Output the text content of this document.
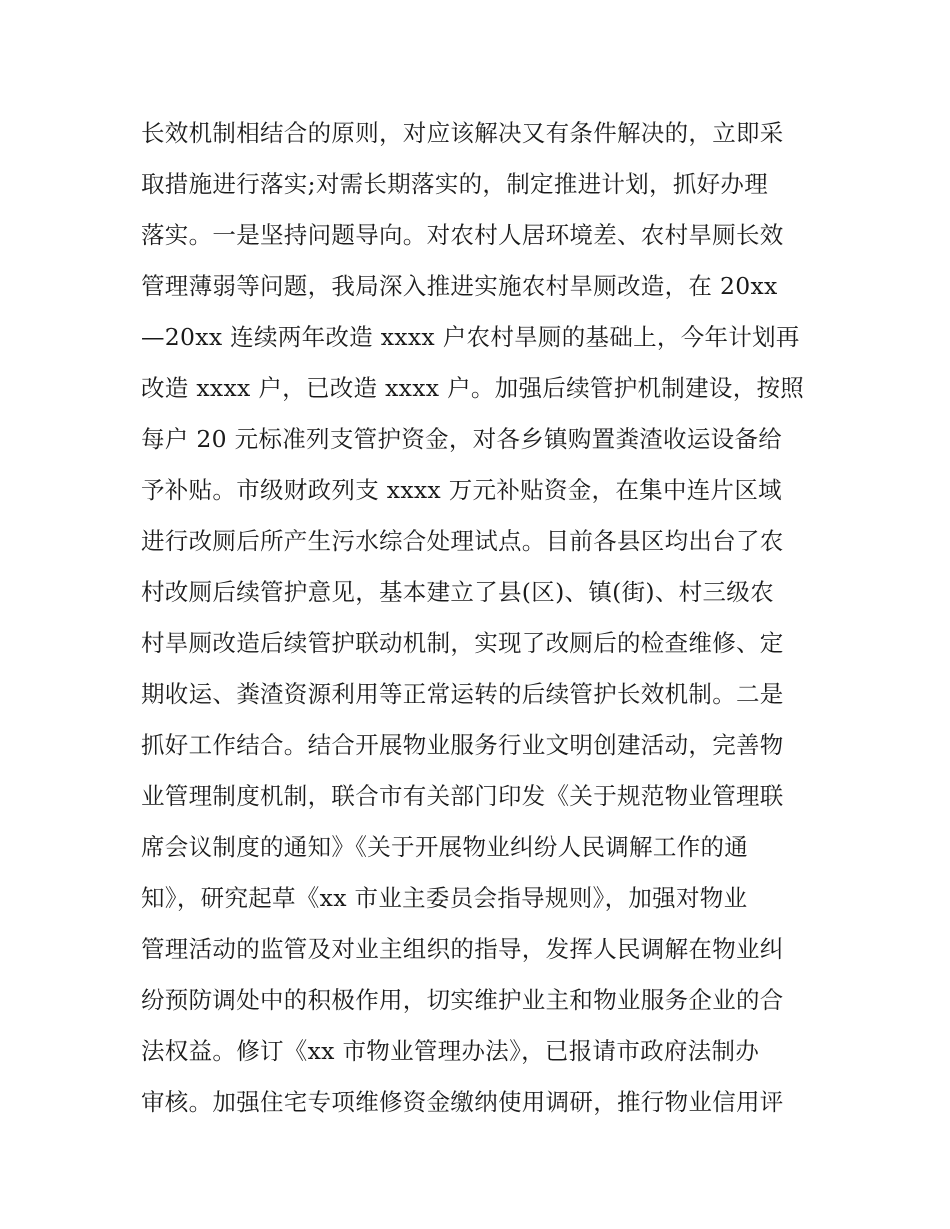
长效机制相结合的原则，对应该解决又有条件解决的，立即采
取措施进行落实;对需长期落实的，制定推进计划，抓好办理
落实。一是坚持问题导向。对农村人居环境差、农村旱厕长效
管理薄弱等问题，我局深入推进实施农村旱厕改造，在 20xx
—20xx 连续两年改造 xxxx 户农村旱厕的基础上，今年计划再
改造 xxxx 户，已改造 xxxx 户。加强后续管护机制建设，按照
每户 20 元标准列支管护资金，对各乡镇购置粪渣收运设备给
予补贴。市级财政列支 xxxx 万元补贴资金，在集中连片区域
进行改厕后所产生污水综合处理试点。目前各县区均出台了农
村改厕后续管护意见，基本建立了县(区)、镇(街)、村三级农
村旱厕改造后续管护联动机制，实现了改厕后的检查维修、定
期收运、粪渣资源利用等正常运转的后续管护长效机制。二是
抓好工作结合。结合开展物业服务行业文明创建活动，完善物
业管理制度机制，联合市有关部门印发《关于规范物业管理联
席会议制度的通知》《关于开展物业纠纷人民调解工作的通
知》，研究起草《xx 市业主委员会指导规则》，加强对物业
管理活动的监管及对业主组织的指导，发挥人民调解在物业纠
纷预防调处中的积极作用，切实维护业主和物业服务企业的合
法权益。修订《xx 市物业管理办法》，已报请市政府法制办
审核。加强住宅专项维修资金缴纳使用调研，推行物业信用评
